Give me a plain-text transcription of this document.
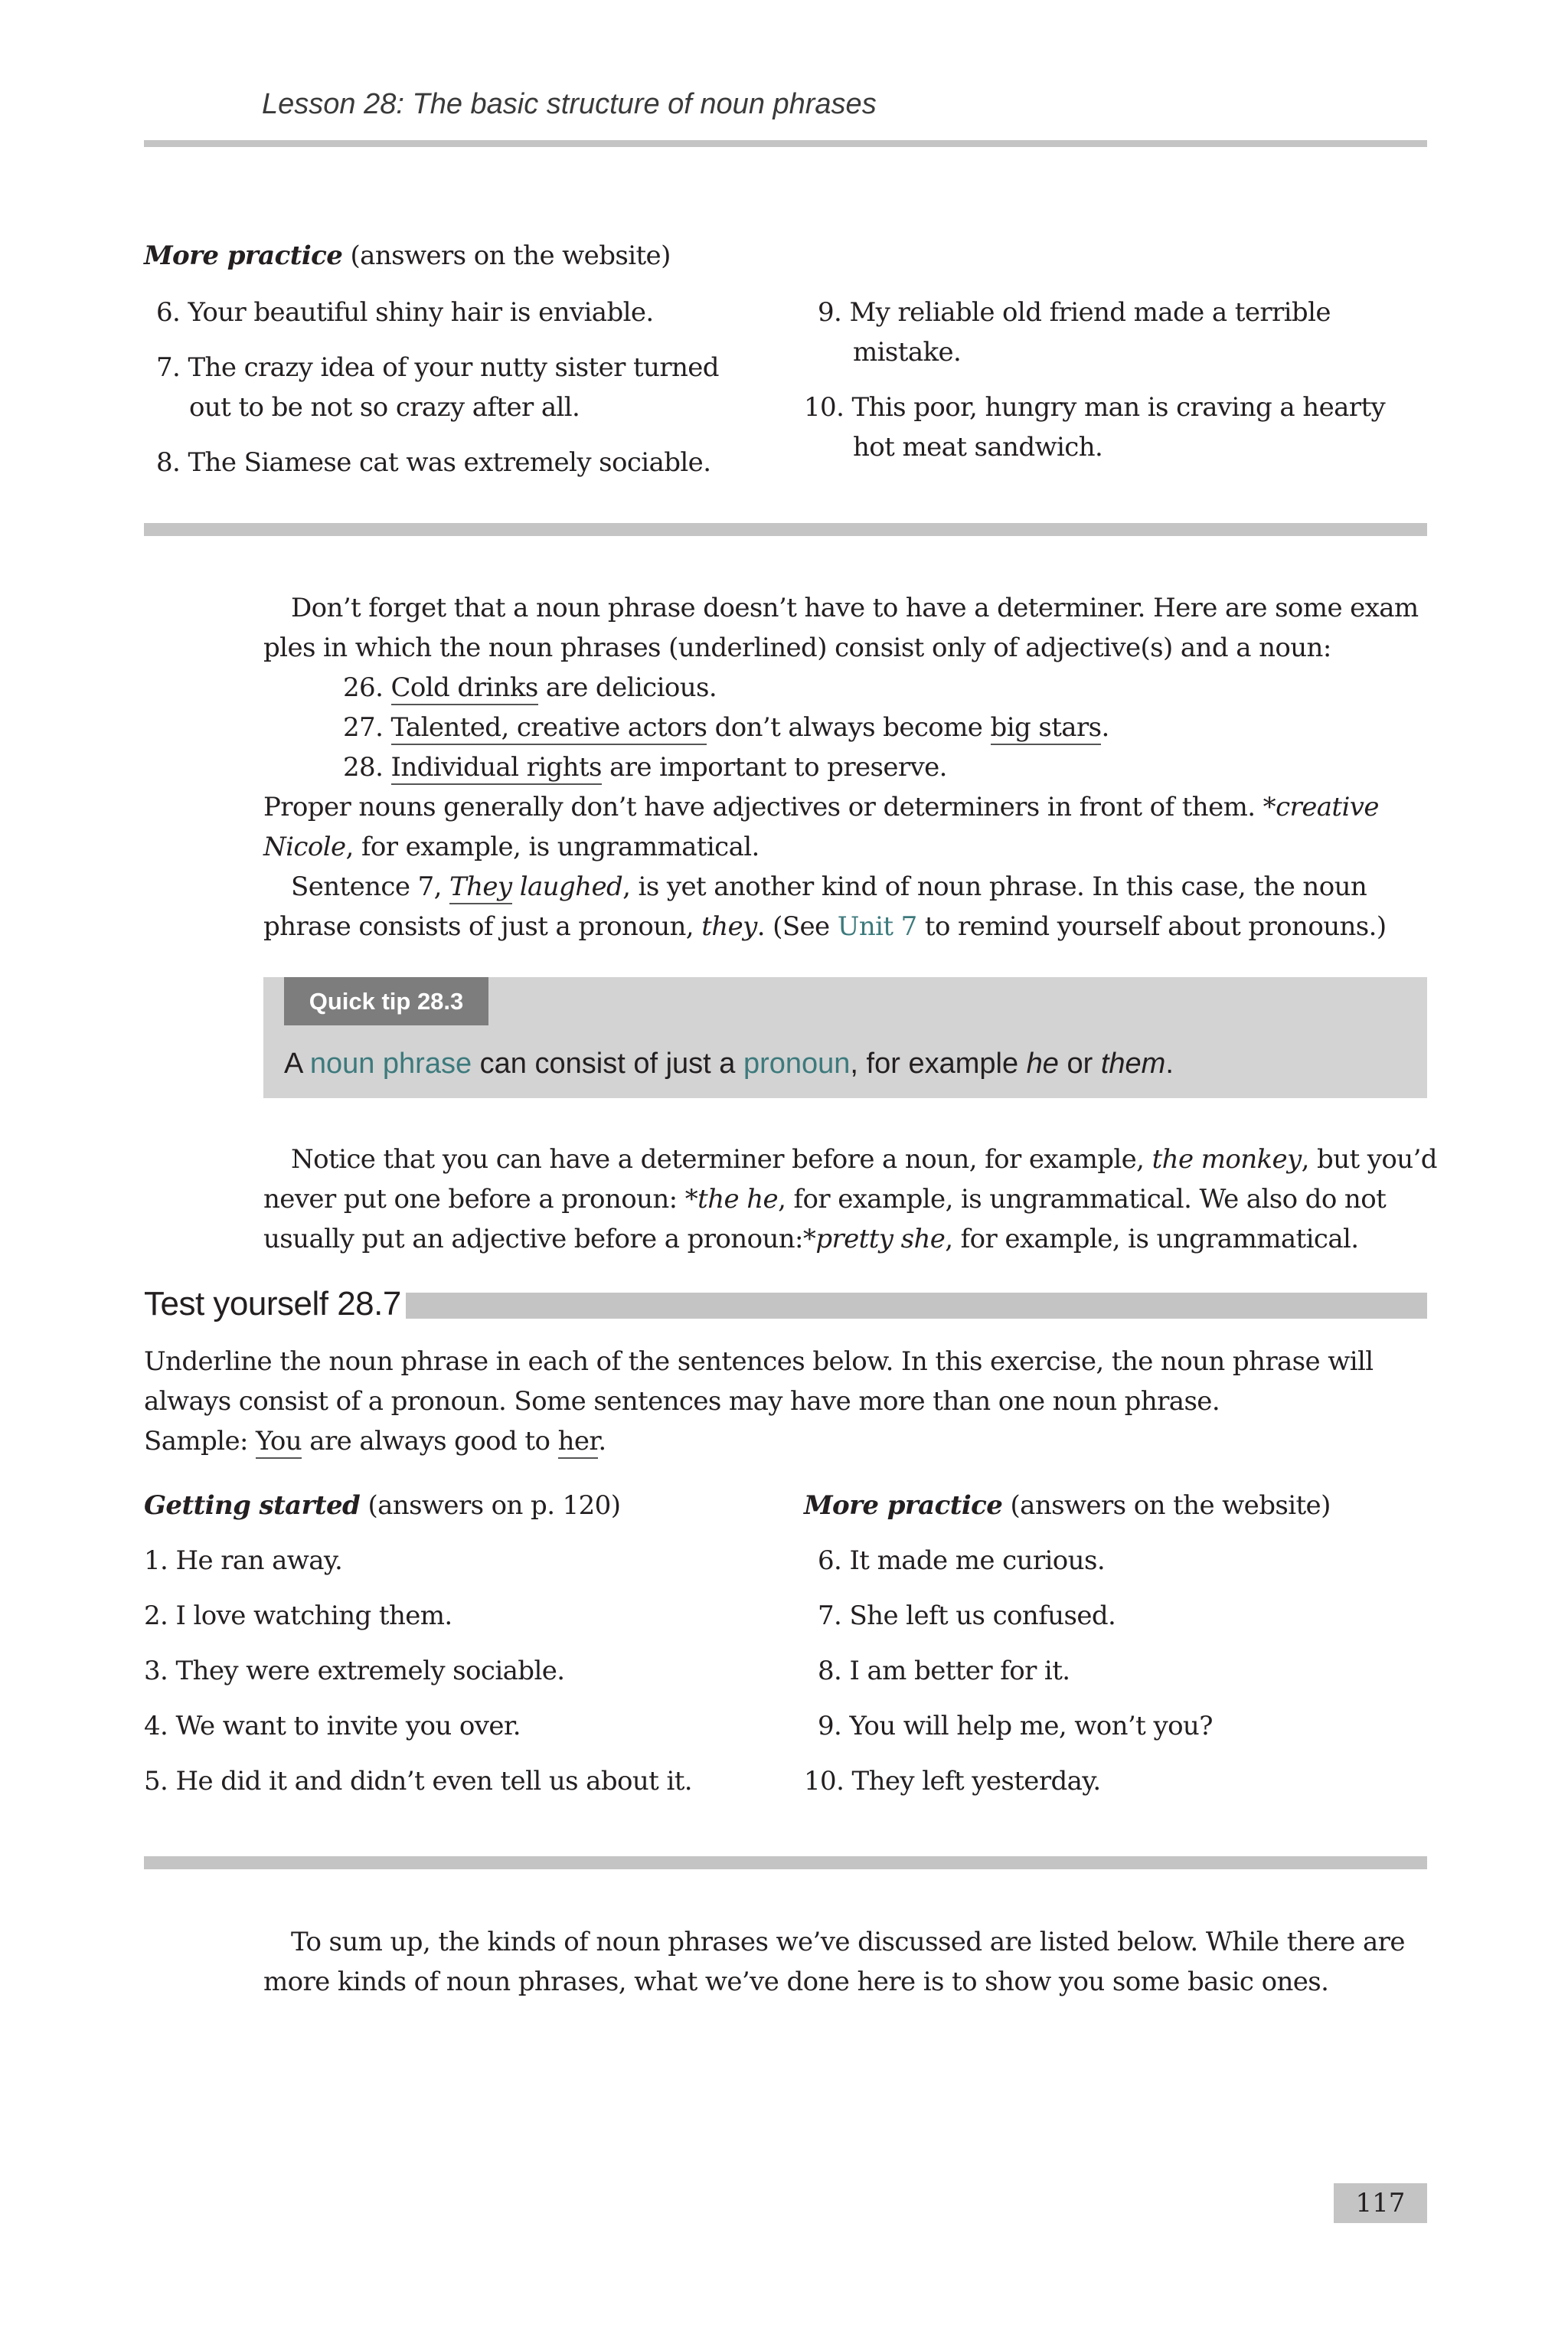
Lesson 28: The basic structure of noun phrases
More practice (answers on the website)
6. Your beautiful shiny hair is enviable.
7. The crazy idea of your nutty sister turned
out to be not so crazy after all.
8. The Siamese cat was extremely sociable.
9. My reliable old friend made a terrible
mistake.
10. This poor, hungry man is craving a hearty
hot meat sandwich.
Don’t forget that a noun phrase doesn’t have to have a determiner. Here are some exam
ples in which the noun phrases (underlined) consist only of adjective(s) and a noun:
26. Cold drinks are delicious.
27. Talented, creative actors don’t always become big stars.
28. Individual rights are important to preserve.
Proper nouns generally don’t have adjectives or determiners in front of them. *creative
Nicole, for example, is ungrammatical.
Sentence 7, They laughed, is yet another kind of noun phrase. In this case, the noun
phrase consists of just a pronoun, they. (See Unit 7 to remind yourself about pronouns.)
Quick tip 28.3
A noun phrase can consist of just a pronoun, for example he or them.
Notice that you can have a determiner before a noun, for example, the monkey, but you’d
never put one before a pronoun: *the he, for example, is ungrammatical. We also do not
usually put an adjective before a pronoun:*pretty she, for example, is ungrammatical.
Test yourself 28.7
Underline the noun phrase in each of the sentences below. In this exercise, the noun phrase will
always consist of a pronoun. Some sentences may have more than one noun phrase.
Sample: You are always good to her.
Getting started (answers on p. 120)	More practice (answers on the website)
1. He ran away.
2. I love watching them.
3. They were extremely sociable.
4. We want to invite you over.
5. He did it and didn’t even tell us about it.
6. It made me curious.
7. She left us confused.
8. I am better for it.
9. You will help me, won’t you?
10. They left yesterday.
To sum up, the kinds of noun phrases we’ve discussed are listed below. While there are
more kinds of noun phrases, what we’ve done here is to show you some basic ones.
117
